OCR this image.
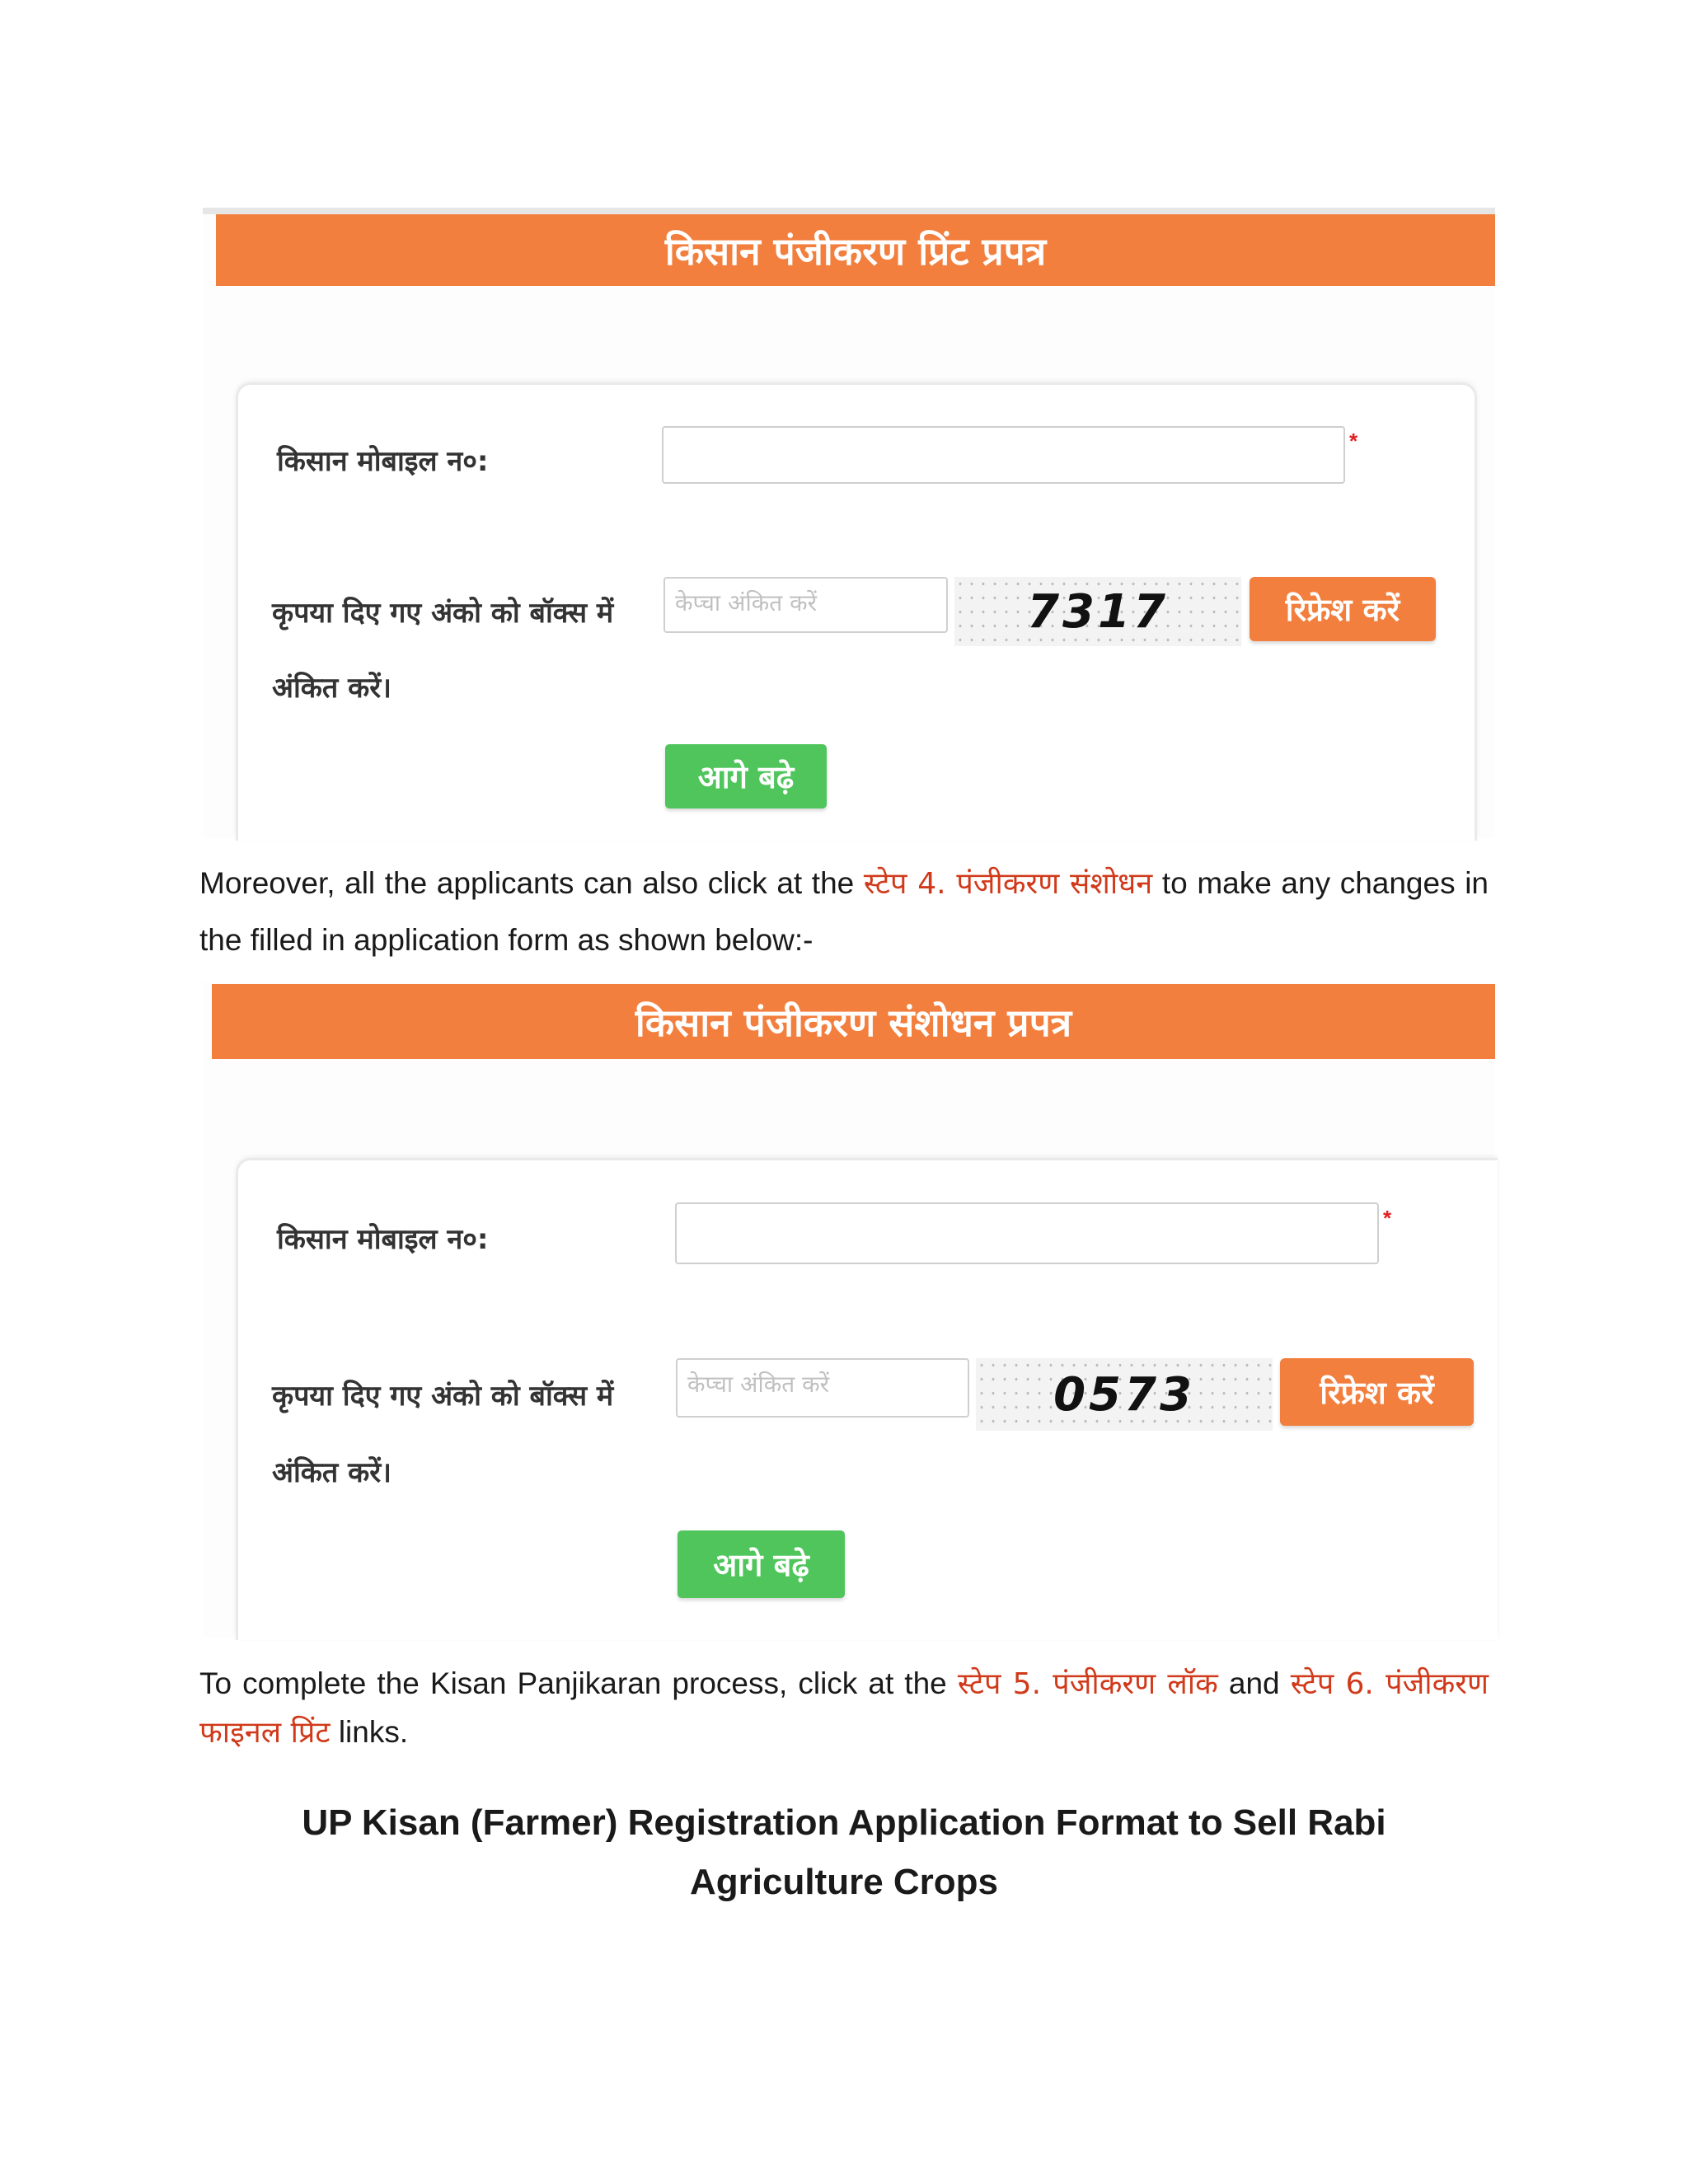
किसान पंजीकरण प्रिंट प्रपत्र
किसान मोबाइल न०:
*
कृपया दिए गए अंको को बॉक्स में
अंकित करें।
केप्चा अंकित करें	7317	रिफ्रेश करें
आगे बढ़े
Moreover, all the applicants can also click at the स्टेप 4. पंजीकरण संशोधन to make any changes in the filled in application form as shown below:-
किसान पंजीकरण संशोधन प्रपत्र
किसान मोबाइल न०:
*
कृपया दिए गए अंको को बॉक्स में
अंकित करें।
केप्चा अंकित करें	0573	रिफ्रेश करें
आगे बढ़े
To complete the Kisan Panjikaran process, click at the स्टेप 5. पंजीकरण लॉक and स्टेप 6. पंजीकरण फाइनल प्रिंट links.
UP Kisan (Farmer) Registration Application Format to Sell Rabi
Agriculture Crops
